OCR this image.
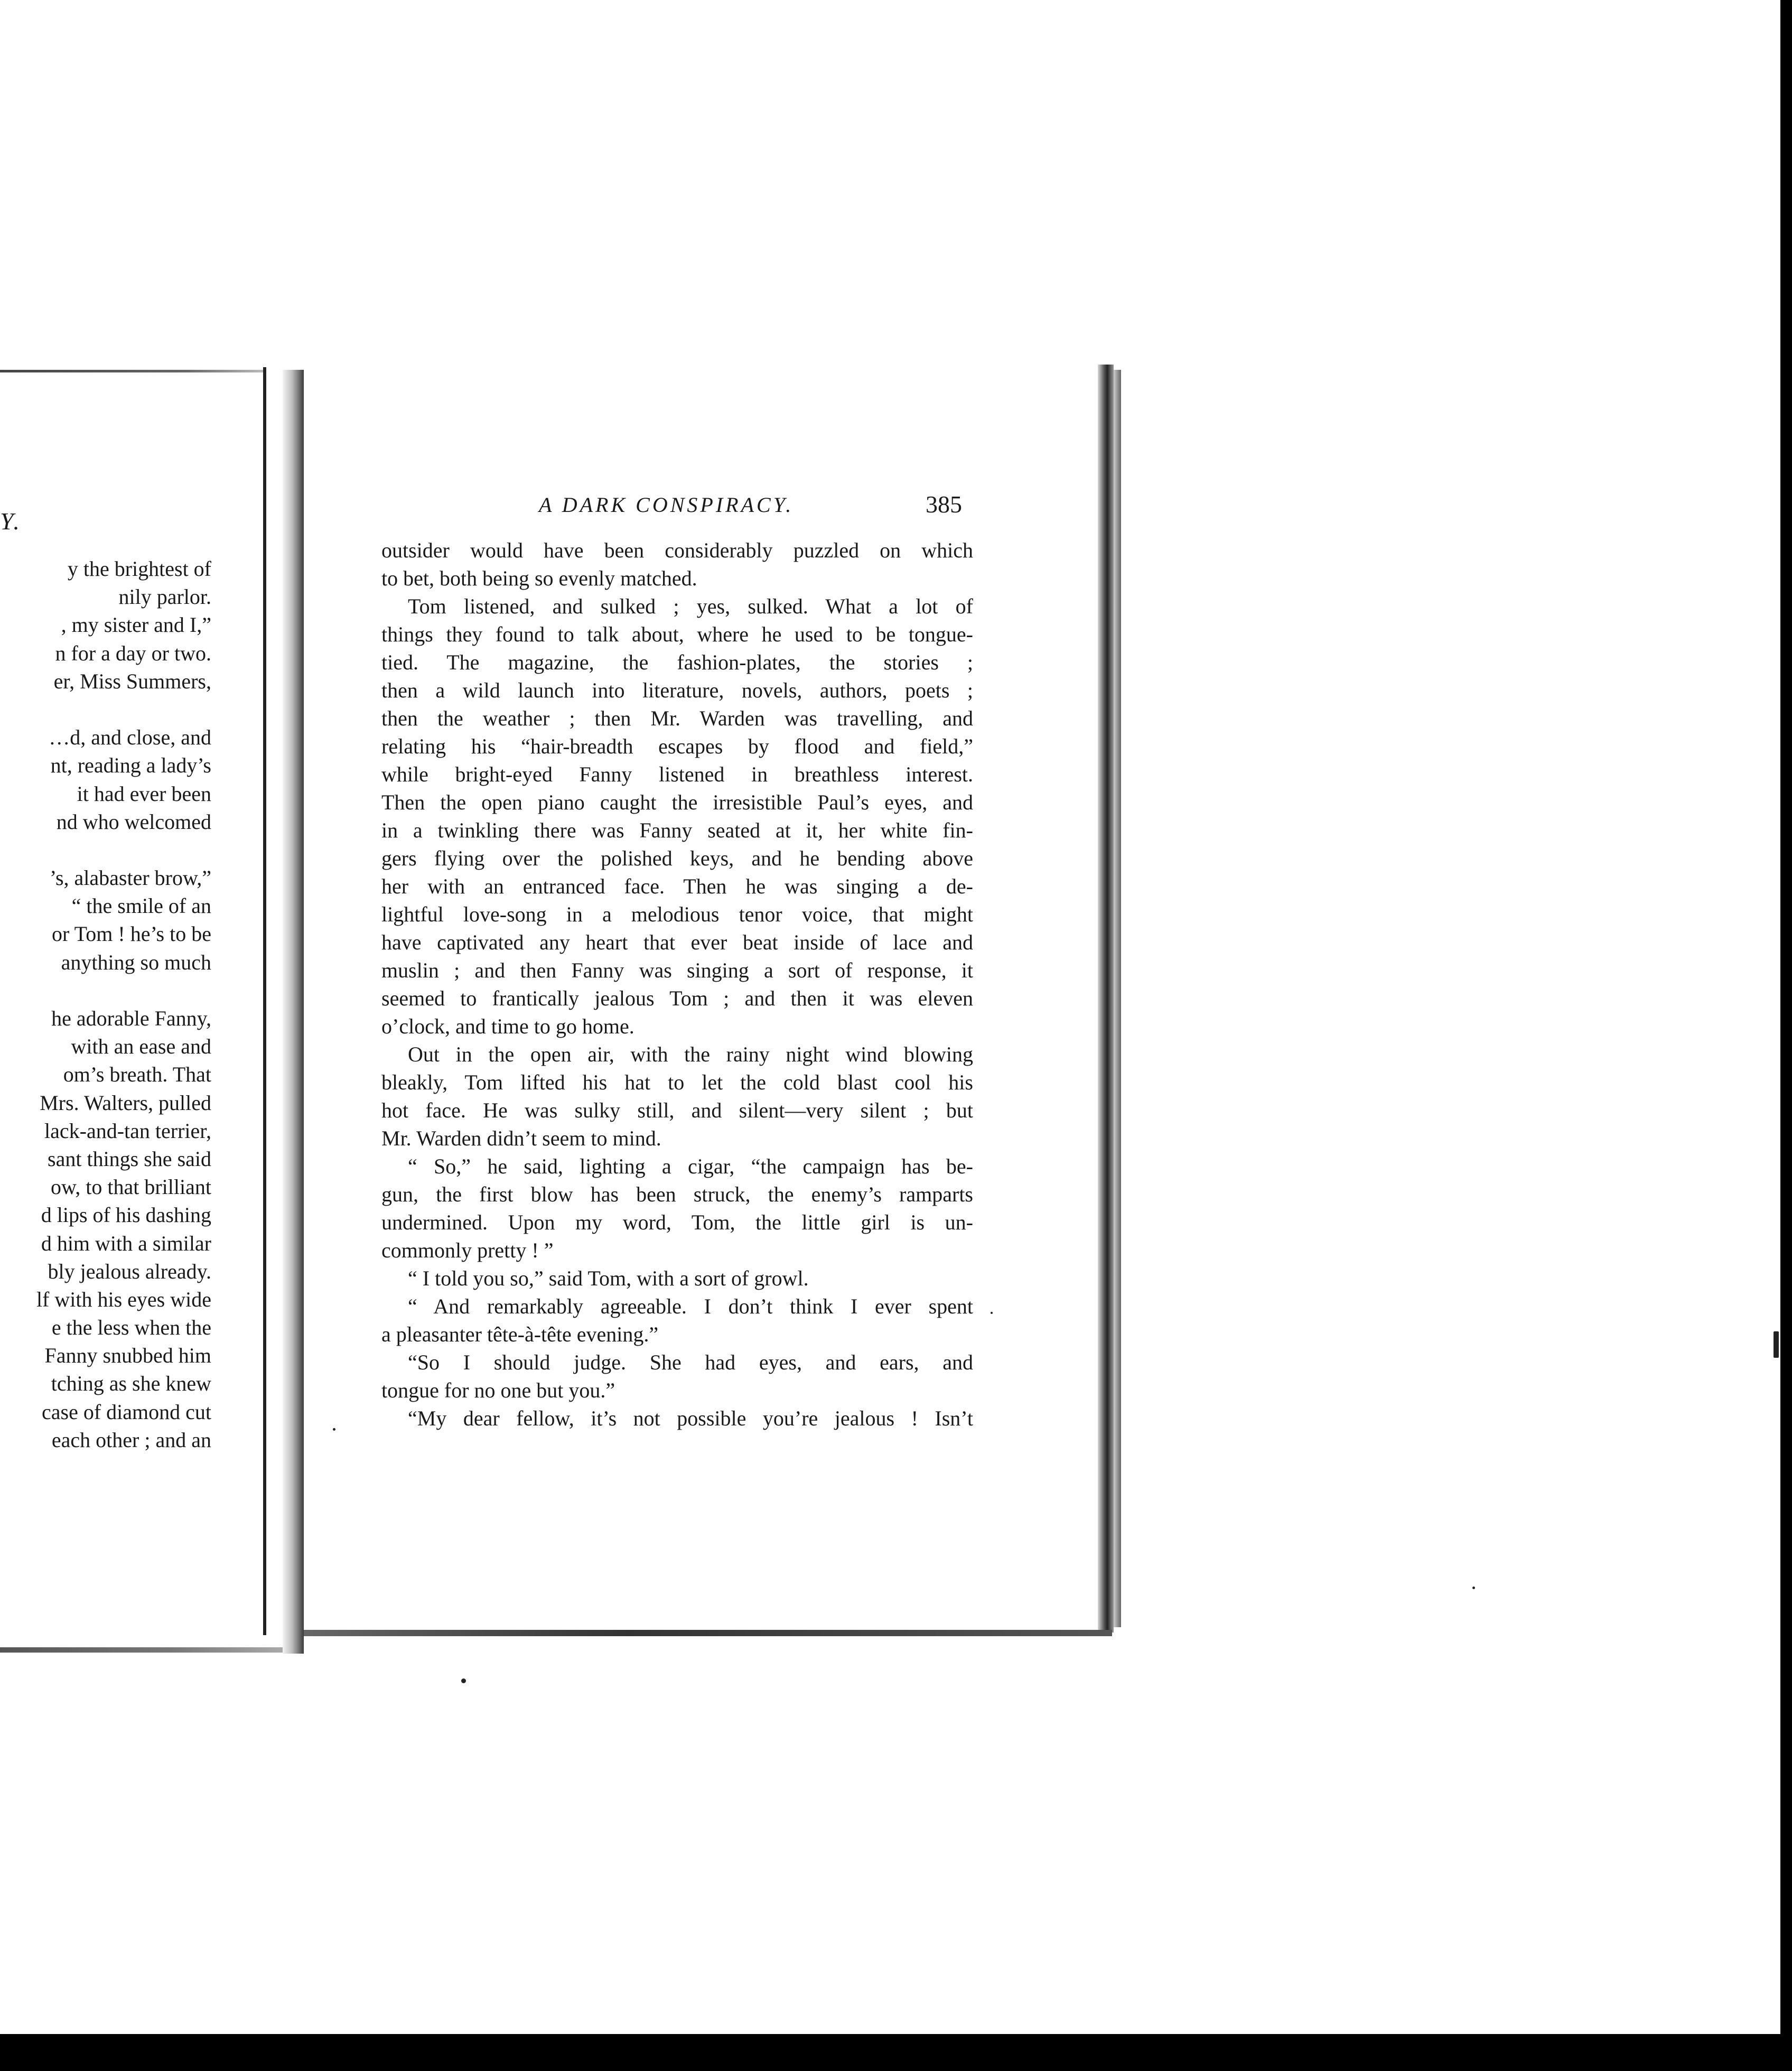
Y.
y the brightest of
nily parlor.
, my sister and I,”
n for a day or two.
er, Miss Summers,
…d, and close, and
nt, reading a lady’s
it had ever been
nd who welcomed
’s, alabaster brow,”
“ the smile of an
or Tom ! he’s to be
anything so much
he adorable Fanny,
with an ease and
om’s breath. That
Mrs. Walters, pulled
lack-and-tan terrier,
sant things she said
ow, to that brilliant
d lips of his dashing
d him with a similar
bly jealous already.
lf with his eyes wide
e the less when the
Fanny snubbed him
tching as she knew
case of diamond cut
each other ; and an
A DARK CONSPIRACY.	385
outsider would have been considerably puzzled on which
to bet, both being so evenly matched.
Tom listened, and sulked ; yes, sulked. What a lot of
things they found to talk about, where he used to be tongue-
tied. The magazine, the fashion-plates, the stories ;
then a wild launch into literature, novels, authors, poets ;
then the weather ; then Mr. Warden was travelling, and
relating his “hair-breadth escapes by flood and field,”
while bright-eyed Fanny listened in breathless interest.
Then the open piano caught the irresistible Paul’s eyes, and
in a twinkling there was Fanny seated at it, her white fin-
gers flying over the polished keys, and he bending above
her with an entranced face. Then he was singing a de-
lightful love-song in a melodious tenor voice, that might
have captivated any heart that ever beat inside of lace and
muslin ; and then Fanny was singing a sort of response, it
seemed to frantically jealous Tom ; and then it was eleven
o’clock, and time to go home.
Out in the open air, with the rainy night wind blowing
bleakly, Tom lifted his hat to let the cold blast cool his
hot face. He was sulky still, and silent—very silent ; but
Mr. Warden didn’t seem to mind.
“ So,” he said, lighting a cigar, “the campaign has be-
gun, the first blow has been struck, the enemy’s ramparts
undermined. Upon my word, Tom, the little girl is un-
commonly pretty ! ”
“ I told you so,” said Tom, with a sort of growl.
“ And remarkably agreeable. I don’t think I ever spent
a pleasanter tête-à-tête evening.”
“So I should judge. She had eyes, and ears, and
tongue for no one but you.”
“My dear fellow, it’s not possible you’re jealous ! Isn’t
